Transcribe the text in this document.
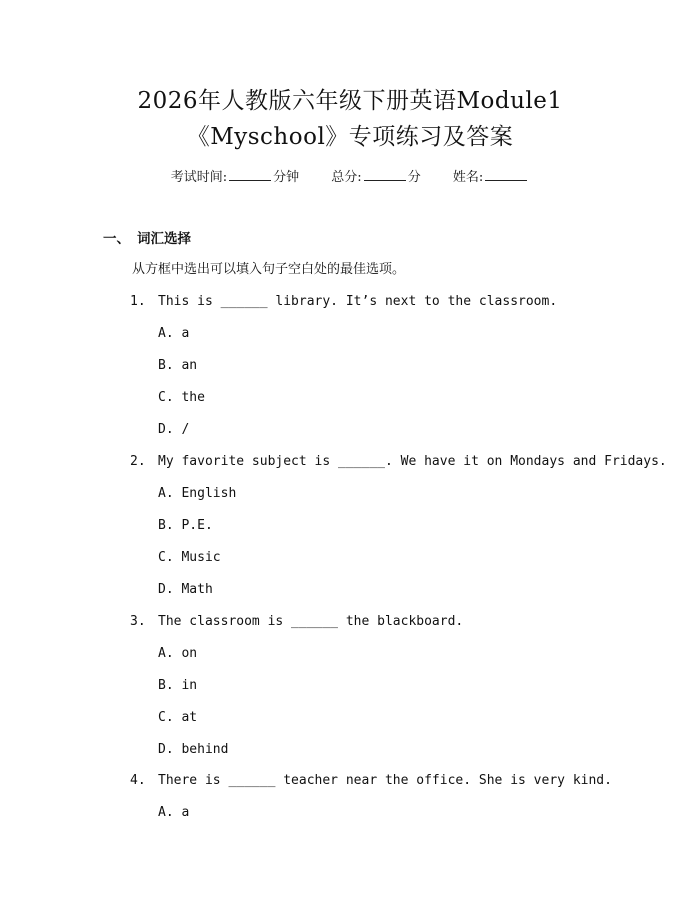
2026年人教版六年级下册英语Module1
《Myschool》专项练习及答案
考试时间:	分钟 总分:	分 姓名:
一、 词汇选择
从方框中选出可以填入句子空白处的最佳选项。
1. This is ______ library. It’s next to the classroom.
A. a
B. an
C. the
D. /
2. My favorite subject is ______. We have it on Mondays and Fridays.
A. English
B. P.E.
C. Music
D. Math
3. The classroom is ______ the blackboard.
A. on
B. in
C. at
D. behind
4. There is ______ teacher near the office. She is very kind.
A. a
